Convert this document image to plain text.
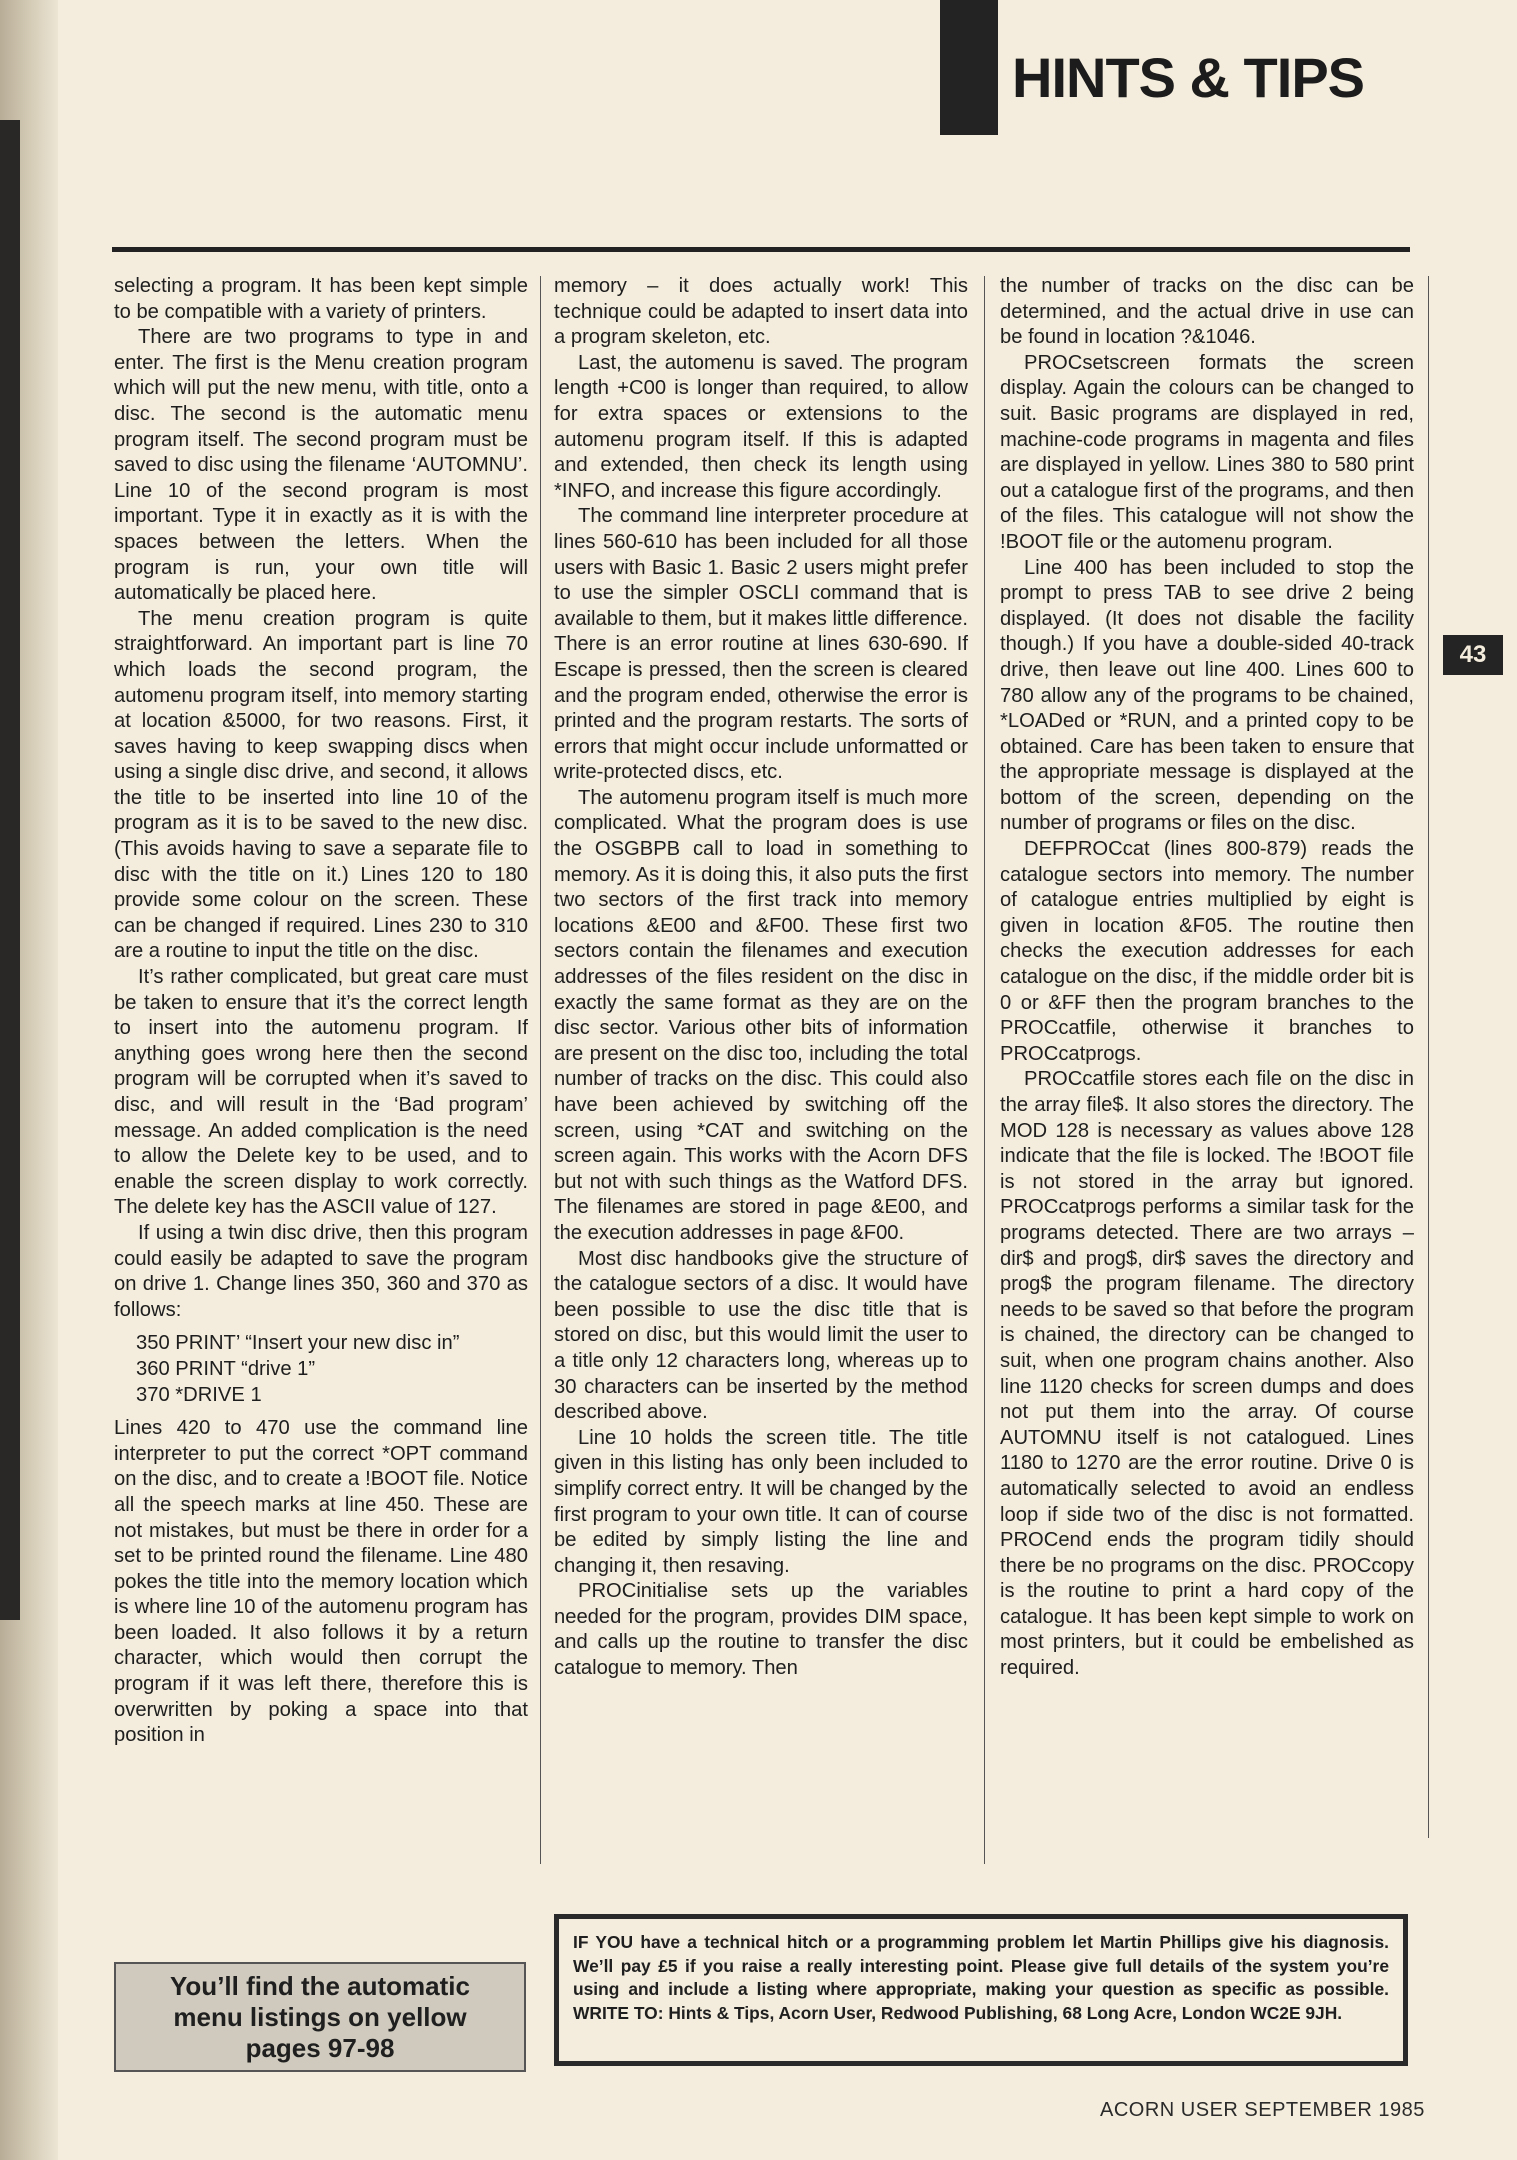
HINTS & TIPS

selecting a program. It has been kept simple to be compatible with a variety of printers.

There are two programs to type in and enter. The first is the Menu creation program which will put the new menu, with title, onto a disc. The second is the automatic menu program itself. The second program must be saved to disc using the filename ‘AUTOMNU’. Line 10 of the second program is most important. Type it in exactly as it is with the spaces between the letters. When the program is run, your own title will automatically be placed here.

The menu creation program is quite straightforward. An important part is line 70 which loads the second program, the automenu program itself, into memory starting at location &5000, for two reasons. First, it saves having to keep swapping discs when using a single disc drive, and second, it allows the title to be inserted into line 10 of the program as it is to be saved to the new disc. (This avoids having to save a separate file to disc with the title on it.) Lines 120 to 180 provide some colour on the screen. These can be changed if required. Lines 230 to 310 are a routine to input the title on the disc.

It’s rather complicated, but great care must be taken to ensure that it’s the correct length to insert into the automenu program. If anything goes wrong here then the second program will be corrupted when it’s saved to disc, and will result in the ‘Bad program’ message. An added complication is the need to allow the Delete key to be used, and to enable the screen display to work correctly. The delete key has the ASCII value of 127.

If using a twin disc drive, then this program could easily be adapted to save the program on drive 1. Change lines 350, 360 and 370 as follows:

350 PRINT’ “Insert your new disc in”
360 PRINT “drive 1”
370 *DRIVE 1

Lines 420 to 470 use the command line interpreter to put the correct *OPT command on the disc, and to create a !BOOT file. Notice all the speech marks at line 450. These are not mistakes, but must be there in order for a set to be printed round the filename. Line 480 pokes the title into the memory location which is where line 10 of the automenu program has been loaded. It also follows it by a return character, which would then corrupt the program if it was left there, therefore this is overwritten by poking a space into that position in

memory – it does actually work! This technique could be adapted to insert data into a program skeleton, etc.

Last, the automenu is saved. The program length +C00 is longer than required, to allow for extra spaces or extensions to the automenu program itself. If this is adapted and extended, then check its length using *INFO, and increase this figure accordingly.

The command line interpreter procedure at lines 560-610 has been included for all those users with Basic 1. Basic 2 users might prefer to use the simpler OSCLI command that is available to them, but it makes little difference. There is an error routine at lines 630-690. If Escape is pressed, then the screen is cleared and the program ended, otherwise the error is printed and the program restarts. The sorts of errors that might occur include unformatted or write-protected discs, etc.

The automenu program itself is much more complicated. What the program does is use the OSGBPB call to load in something to memory. As it is doing this, it also puts the first two sectors of the first track into memory locations &E00 and &F00. These first two sectors contain the filenames and execution addresses of the files resident on the disc in exactly the same format as they are on the disc sector. Various other bits of information are present on the disc too, including the total number of tracks on the disc. This could also have been achieved by switching off the screen, using *CAT and switching on the screen again. This works with the Acorn DFS but not with such things as the Watford DFS. The filenames are stored in page &E00, and the execution addresses in page &F00.

Most disc handbooks give the structure of the catalogue sectors of a disc. It would have been possible to use the disc title that is stored on disc, but this would limit the user to a title only 12 characters long, whereas up to 30 characters can be inserted by the method described above.

Line 10 holds the screen title. The title given in this listing has only been included to simplify correct entry. It will be changed by the first program to your own title. It can of course be edited by simply listing the line and changing it, then resaving.

PROCinitialise sets up the variables needed for the program, provides DIM space, and calls up the routine to transfer the disc catalogue to memory. Then

the number of tracks on the disc can be determined, and the actual drive in use can be found in location ?&1046.

PROCsetscreen formats the screen display. Again the colours can be changed to suit. Basic programs are displayed in red, machine-code programs in magenta and files are displayed in yellow. Lines 380 to 580 print out a catalogue first of the programs, and then of the files. This catalogue will not show the !BOOT file or the automenu program.

Line 400 has been included to stop the prompt to press TAB to see drive 2 being displayed. (It does not disable the facility though.) If you have a double-sided 40-track drive, then leave out line 400. Lines 600 to 780 allow any of the programs to be chained, *LOADed or *RUN, and a printed copy to be obtained. Care has been taken to ensure that the appropriate message is displayed at the bottom of the screen, depending on the number of programs or files on the disc.

DEFPROCcat (lines 800-879) reads the catalogue sectors into memory. The number of catalogue entries multiplied by eight is given in location &F05. The routine then checks the execution addresses for each catalogue on the disc, if the middle order bit is 0 or &FF then the program branches to the PROCcatfile, otherwise it branches to PROCcatprogs.

PROCcatfile stores each file on the disc in the array file$. It also stores the directory. The MOD 128 is necessary as values above 128 indicate that the file is locked. The !BOOT file is not stored in the array but ignored. PROCcatprogs performs a similar task for the programs detected. There are two arrays – dir$ and prog$, dir$ saves the directory and prog$ the program filename. The directory needs to be saved so that before the program is chained, the directory can be changed to suit, when one program chains another. Also line 1120 checks for screen dumps and does not put them into the array. Of course AUTOMNU itself is not catalogued. Lines 1180 to 1270 are the error routine. Drive 0 is automatically selected to avoid an endless loop if side two of the disc is not formatted. PROCend ends the program tidily should there be no programs on the disc. PROCcopy is the routine to print a hard copy of the catalogue. It has been kept simple to work on most printers, but it could be embelished as required.

43
You’ll find the automatic
menu listings on yellow
pages 97-98
IF YOU have a technical hitch or a programming problem let Martin Phillips give his diagnosis. We’ll pay £5 if you raise a really interesting point. Please give full details of the system you’re using and include a listing where appropriate, making your question as specific as possible. WRITE TO: Hints & Tips, Acorn User, Redwood Publishing, 68 Long Acre, London WC2E 9JH.

ACORN USER SEPTEMBER 1985
